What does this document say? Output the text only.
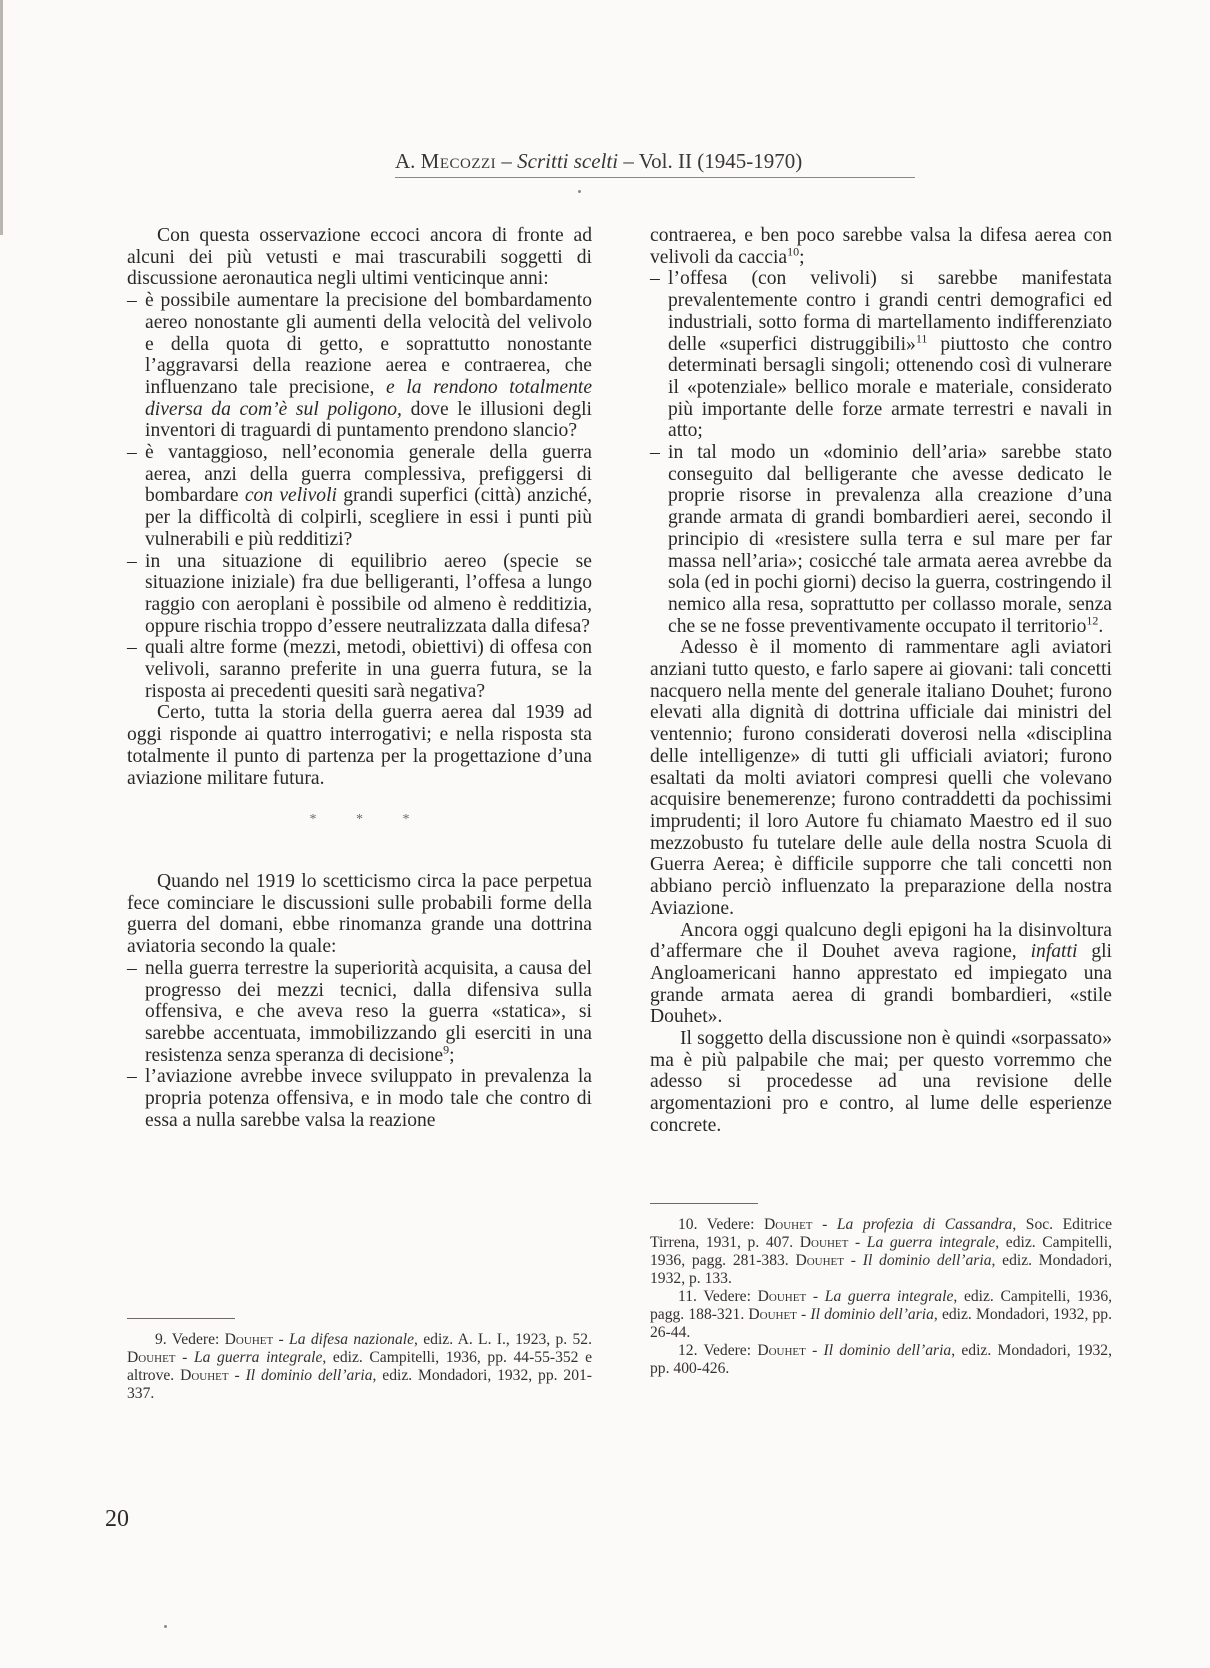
A. Mecozzi – Scritti scelti – Vol. II (1945-1970)

Con questa osservazione eccoci ancora di fronte ad alcuni dei più vetusti e mai trascurabili soggetti di discussione aeronautica negli ultimi venticinque anni:

– è possibile aumentare la precisione del bombardamento aereo nonostante gli aumenti della velocità del velivolo e della quota di getto, e soprattutto nonostante l’aggravarsi della reazione aerea e contraerea, che influenzano tale precisione, e la rendono totalmente diversa da com’è sul poligono, dove le illusioni degli inventori di traguardi di puntamento prendono slancio?
– è vantaggioso, nell’economia generale della guerra aerea, anzi della guerra complessiva, prefiggersi di bombardare con velivoli grandi superfici (città) anziché, per la difficoltà di colpirli, scegliere in essi i punti più vulnerabili e più redditizi?
– in una situazione di equilibrio aereo (specie se situazione iniziale) fra due belligeranti, l’offesa a lungo raggio con aeroplani è possibile od almeno è redditizia, oppure rischia troppo d’essere neutralizzata dalla difesa?
– quali altre forme (mezzi, metodi, obiettivi) di offesa con velivoli, saranno preferite in una guerra futura, se la risposta ai precedenti quesiti sarà negativa?

Certo, tutta la storia della guerra aerea dal 1939 ad oggi risponde ai quattro interrogativi; e nella risposta sta totalmente il punto di partenza per la progettazione d’una aviazione militare futura.

* * *

Quando nel 1919 lo scetticismo circa la pace perpetua fece cominciare le discussioni sulle probabili forme della guerra del domani, ebbe rinomanza grande una dottrina aviatoria secondo la quale:

– nella guerra terrestre la superiorità acquisita, a causa del progresso dei mezzi tecnici, dalla difensiva sulla offensiva, e che aveva reso la guerra «statica», si sarebbe accentuata, immobilizzando gli eserciti in una resistenza senza speranza di decisione$^9$;
– l’aviazione avrebbe invece sviluppato in prevalenza la propria potenza offensiva, e in modo tale che contro di essa a nulla sarebbe valsa la reazione

contraerea, e ben poco sarebbe valsa la difesa aerea con velivoli da caccia$^{10}$;

– l’offesa (con velivoli) si sarebbe manifestata prevalentemente contro i grandi centri demografici ed industriali, sotto forma di martellamento indifferenziato delle «superfici distruggibili»$^{11}$ piuttosto che contro determinati bersagli singoli; ottenendo così di vulnerare il «potenziale» bellico morale e materiale, considerato più importante delle forze armate terrestri e navali in atto;
– in tal modo un «dominio dell’aria» sarebbe stato conseguito dal belligerante che avesse dedicato le proprie risorse in prevalenza alla creazione d’una grande armata di grandi bombardieri aerei, secondo il principio di «resistere sulla terra e sul mare per far massa nell’aria»; cosicché tale armata aerea avrebbe da sola (ed in pochi giorni) deciso la guerra, costringendo il nemico alla resa, soprattutto per collasso morale, senza che se ne fosse preventivamente occupato il territorio$^{12}$.

Adesso è il momento di rammentare agli aviatori anziani tutto questo, e farlo sapere ai giovani: tali concetti nacquero nella mente del generale italiano Douhet; furono elevati alla dignità di dottrina ufficiale dai ministri del ventennio; furono considerati doverosi nella «disciplina delle intelligenze» di tutti gli ufficiali aviatori; furono esaltati da molti aviatori compresi quelli che volevano acquisire benemerenze; furono contraddetti da pochissimi imprudenti; il loro Autore fu chiamato Maestro ed il suo mezzobusto fu tutelare delle aule della nostra Scuola di Guerra Aerea; è difficile supporre che tali concetti non abbiano perciò influenzato la preparazione della nostra Aviazione.

Ancora oggi qualcuno degli epigoni ha la disinvoltura d’affermare che il Douhet aveva ragione, infatti gli Angloamericani hanno apprestato ed impiegato una grande armata aerea di grandi bombardieri, «stile Douhet».

Il soggetto della discussione non è quindi «sorpassato» ma è più palpabile che mai; per questo vorremmo che adesso si procedesse ad una revisione delle argomentazioni pro e contro, al lume delle esperienze concrete.

9. Vedere: Douhet - La difesa nazionale, ediz. A. L. I., 1923, p. 52. Douhet - La guerra integrale, ediz. Campitelli, 1936, pp. 44-55-352 e altrove. Douhet - Il dominio dell’aria, ediz. Mondadori, 1932, pp. 201-337.

10. Vedere: Douhet - La profezia di Cassandra, Soc. Editrice Tirrena, 1931, p. 407. Douhet - La guerra integrale, ediz. Campitelli, 1936, pagg. 281-383. Douhet - Il dominio dell’aria, ediz. Mondadori, 1932, p. 133.

11. Vedere: Douhet - La guerra integrale, ediz. Campitelli, 1936, pagg. 188-321. Douhet - Il dominio dell’aria, ediz. Mondadori, 1932, pp. 26-44.

12. Vedere: Douhet - Il dominio dell’aria, ediz. Mondadori, 1932, pp. 400-426.

20
